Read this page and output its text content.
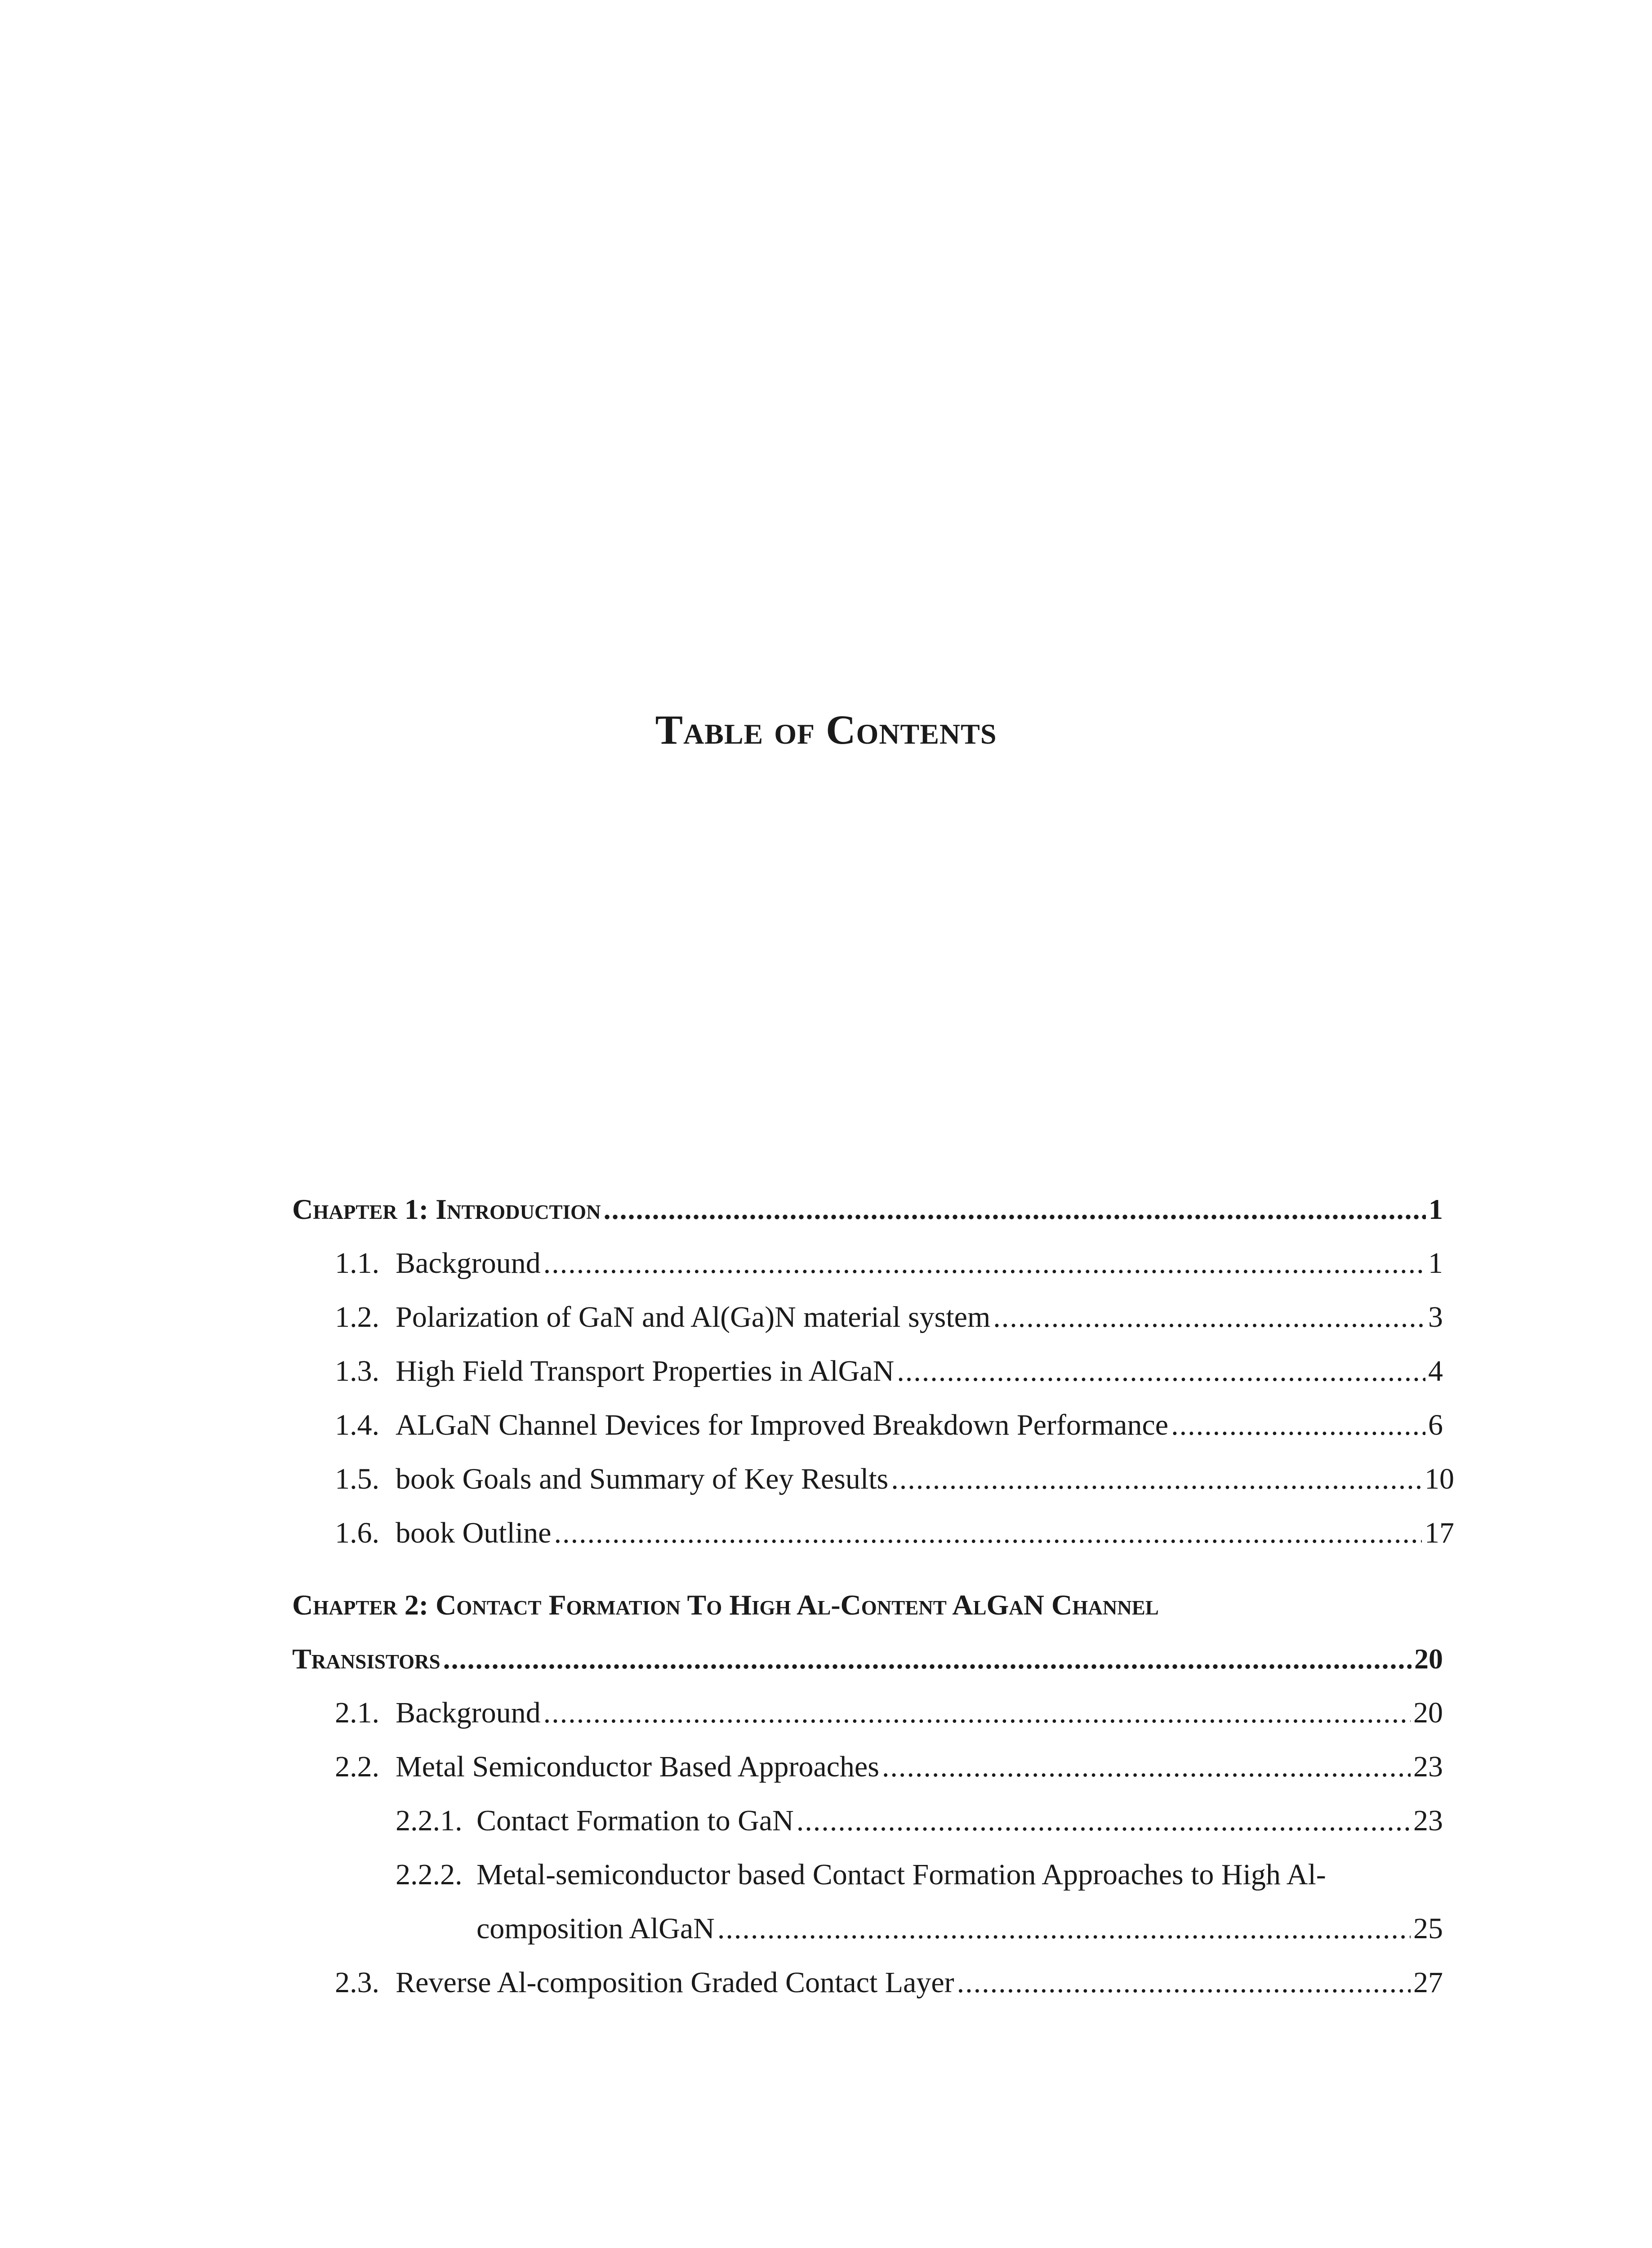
Table of Contents
Chapter 1: Introduction .....	1
1.1. Background .....	1
1.2. Polarization of GaN and Al(Ga)N material system .....	3
1.3. High Field Transport Properties in AlGaN .....	4
1.4. ALGaN Channel Devices for Improved Breakdown Performance .....	6
1.5. book Goals and Summary of Key Results .....	10
1.6. book Outline .....	17
Chapter 2: Contact Formation To High Al-Content AlGaN Channel
Transistors .....	20
2.1. Background .....	20
2.2. Metal Semiconductor Based Approaches .....	23
2.2.1. Contact Formation to GaN .....	23
2.2.2. Metal-semiconductor based Contact Formation Approaches to High Al-
composition AlGaN .....	25
2.3. Reverse Al-composition Graded Contact Layer .....	27
